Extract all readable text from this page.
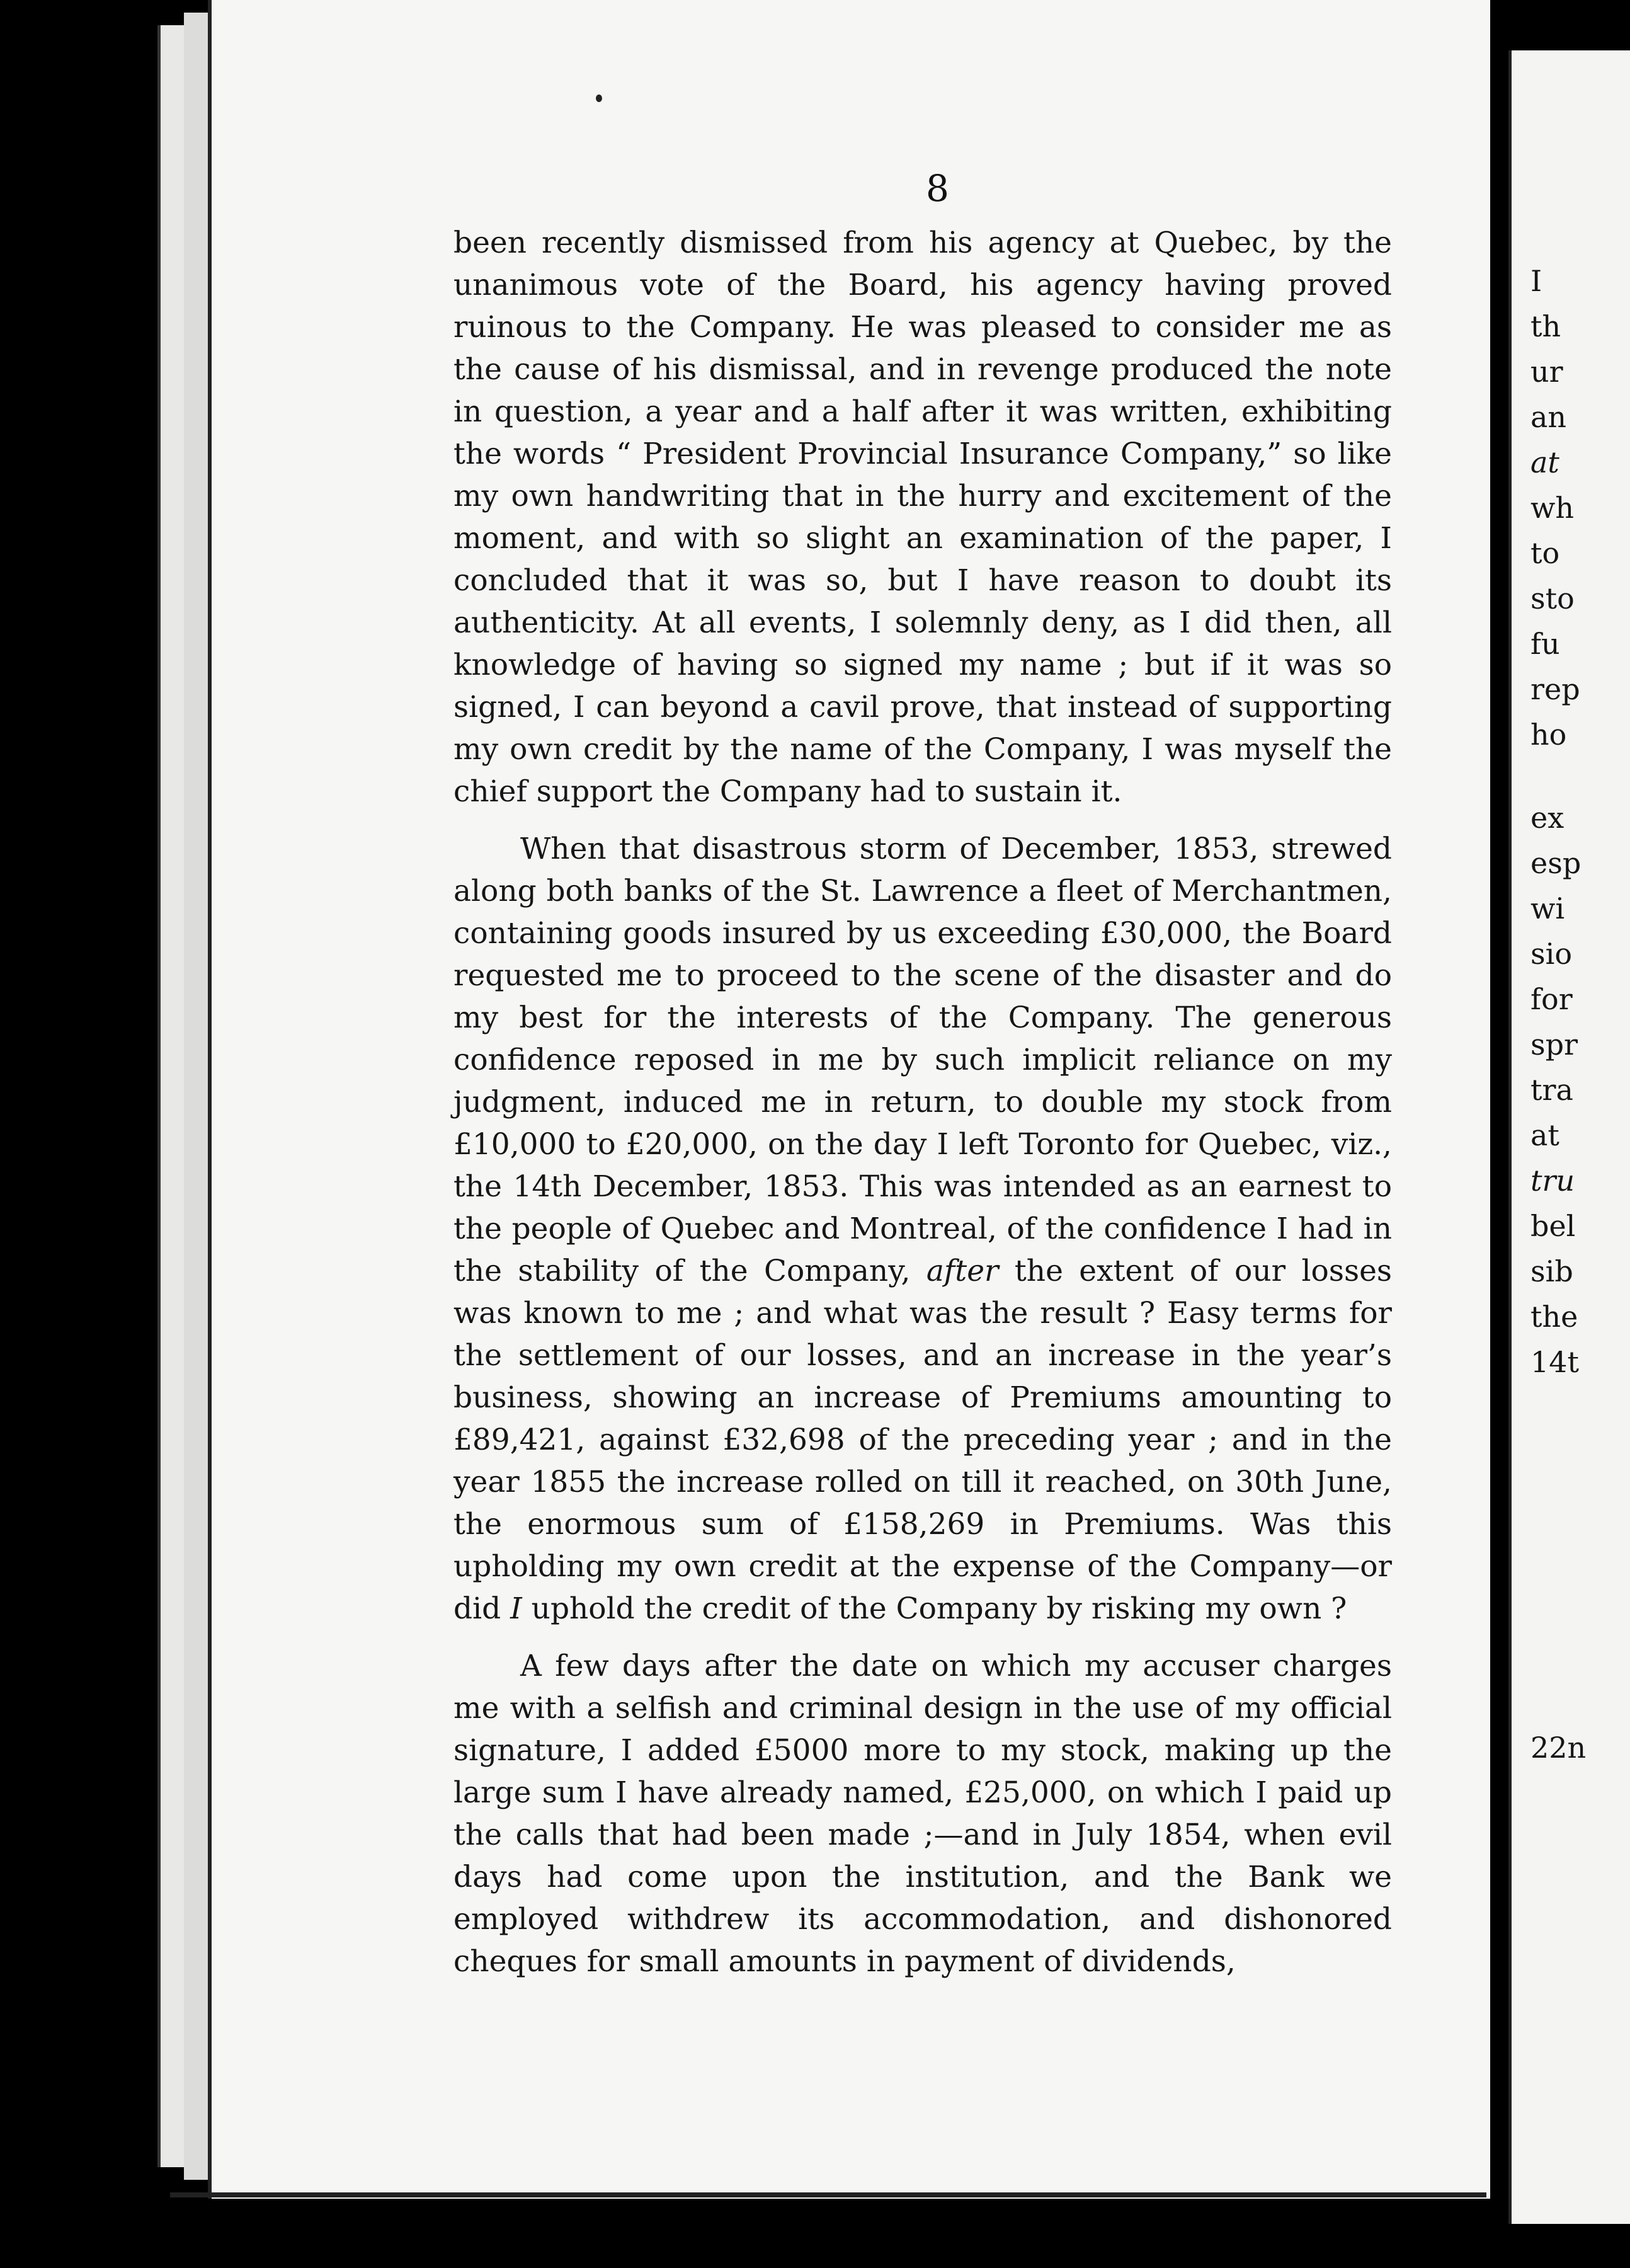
8

been recently dismissed from his agency at Quebec, by the unanimous vote of the Board, his agency having proved ruinous to the Company. He was pleased to consider me as the cause of his dismissal, and in revenge produced the note in question, a year and a half after it was written, exhibiting the words “ President Provincial Insurance Company,” so like my own handwriting that in the hurry and excitement of the moment, and with so slight an examination of the paper, I concluded that it was so, but I have reason to doubt its authenticity. At all events, I solemnly deny, as I did then, all knowledge of having so signed my name ; but if it was so signed, I can beyond a cavil prove, that instead of supporting my own credit by the name of the Company, I was myself the chief support the Company had to sustain it.

When that disastrous storm of December, 1853, strewed along both banks of the St. Lawrence a fleet of Merchantmen, containing goods insured by us exceeding £30,000, the Board requested me to proceed to the scene of the disaster and do my best for the interests of the Company. The generous confidence reposed in me by such implicit reliance on my judgment, induced me in return, to double my stock from £10,000 to £20,000, on the day I left Toronto for Quebec, viz., the 14th December, 1853. This was intended as an earnest to the people of Quebec and Montreal, of the confidence I had in the stability of the Company, after the extent of our losses was known to me ; and what was the result ? Easy terms for the settlement of our losses, and an increase in the year’s business, showing an increase of Premiums amounting to £89,421, against £32,698 of the preceding year ; and in the year 1855 the increase rolled on till it reached, on 30th June, the enormous sum of £158,269 in Premiums. Was this upholding my own credit at the expense of the Company—or did I uphold the credit of the Company by risking my own ?

A few days after the date on which my accuser charges me with a selfish and criminal design in the use of my official signature, I added £5000 more to my stock, making up the large sum I have already named, £25,000, on which I paid up the calls that had been made ;—and in July 1854, when evil days had come upon the institution, and the Bank we employed withdrew its accommodation, and dishonored cheques for small amounts in payment of dividends,

I
th
ur
an
at
wh
to
sto
fu
rep
ho
ex
esp
wi
sio
for
spr
tra
at
tru
bel
sib
the
14t
22n
